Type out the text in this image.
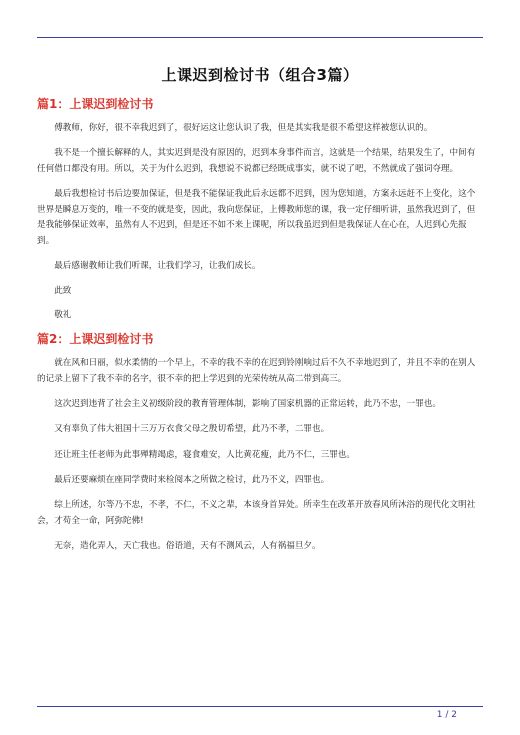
上课迟到检讨书（组合3篇）
篇1：上课迟到检讨书

傅教师，你好，很不幸我迟到了，很好运这让您认识了我，但是其实我是很不希望这样被您认识的。

我不是一个擅长解释的人，其实迟到是没有原因的，迟到本身事件而言，这就是一个结果，结果发生了，中间有任何借口都没有用。所以，关于为什么迟到，我想说不说都已经既成事实，就不说了吧，不然就成了强词夺理。

最后我想检讨书后边要加保证，但是我不能保证我此后永远都不迟到，因为您知道，方案永远赶不上变化，这个世界是瞬息万变的，唯一不变的就是变，因此，我向您保证，上傅教师您的课，我一定仔细听讲，虽然我迟到了，但是我能够保证效率，虽然有人不迟到，但是还不如不来上课呢，所以我虽迟到但是我保证人在心在，人迟到心先报到。

最后感谢教师让我们听课，让我们学习，让我们成长。

此致

敬礼

篇2：上课迟到检讨书

就在风和日丽，似水柔情的一个早上，不幸的我不幸的在迟到铃刚响过后不久不幸地迟到了，并且不幸的在别人的记录上留下了我不幸的名字，很不幸的把上学迟到的光荣传统从高二带到高三。

这次迟到违背了社会主义初级阶段的教育管理体制，影响了国家机器的正常运转，此乃不忠，一罪也。

又有辜负了伟大祖国十三万万衣食父母之殷切希望，此乃不孝，二罪也。

还让班主任老师为此事殚精竭虑，寝食难安，人比黄花瘦，此乃不仁，三罪也。

最后还要麻烦在座同学费时来检阅本之所做之检讨，此乃不义，四罪也。

综上所述，尔等乃不忠，不孝，不仁，不义之辈，本该身首异处。所幸生在改革开放春风所沐浴的现代化文明社会，才苟全一命，阿弥陀佛!

无奈，造化弄人，天亡我也。俗语道，天有不测风云，人有祸福旦夕。

1 / 2
